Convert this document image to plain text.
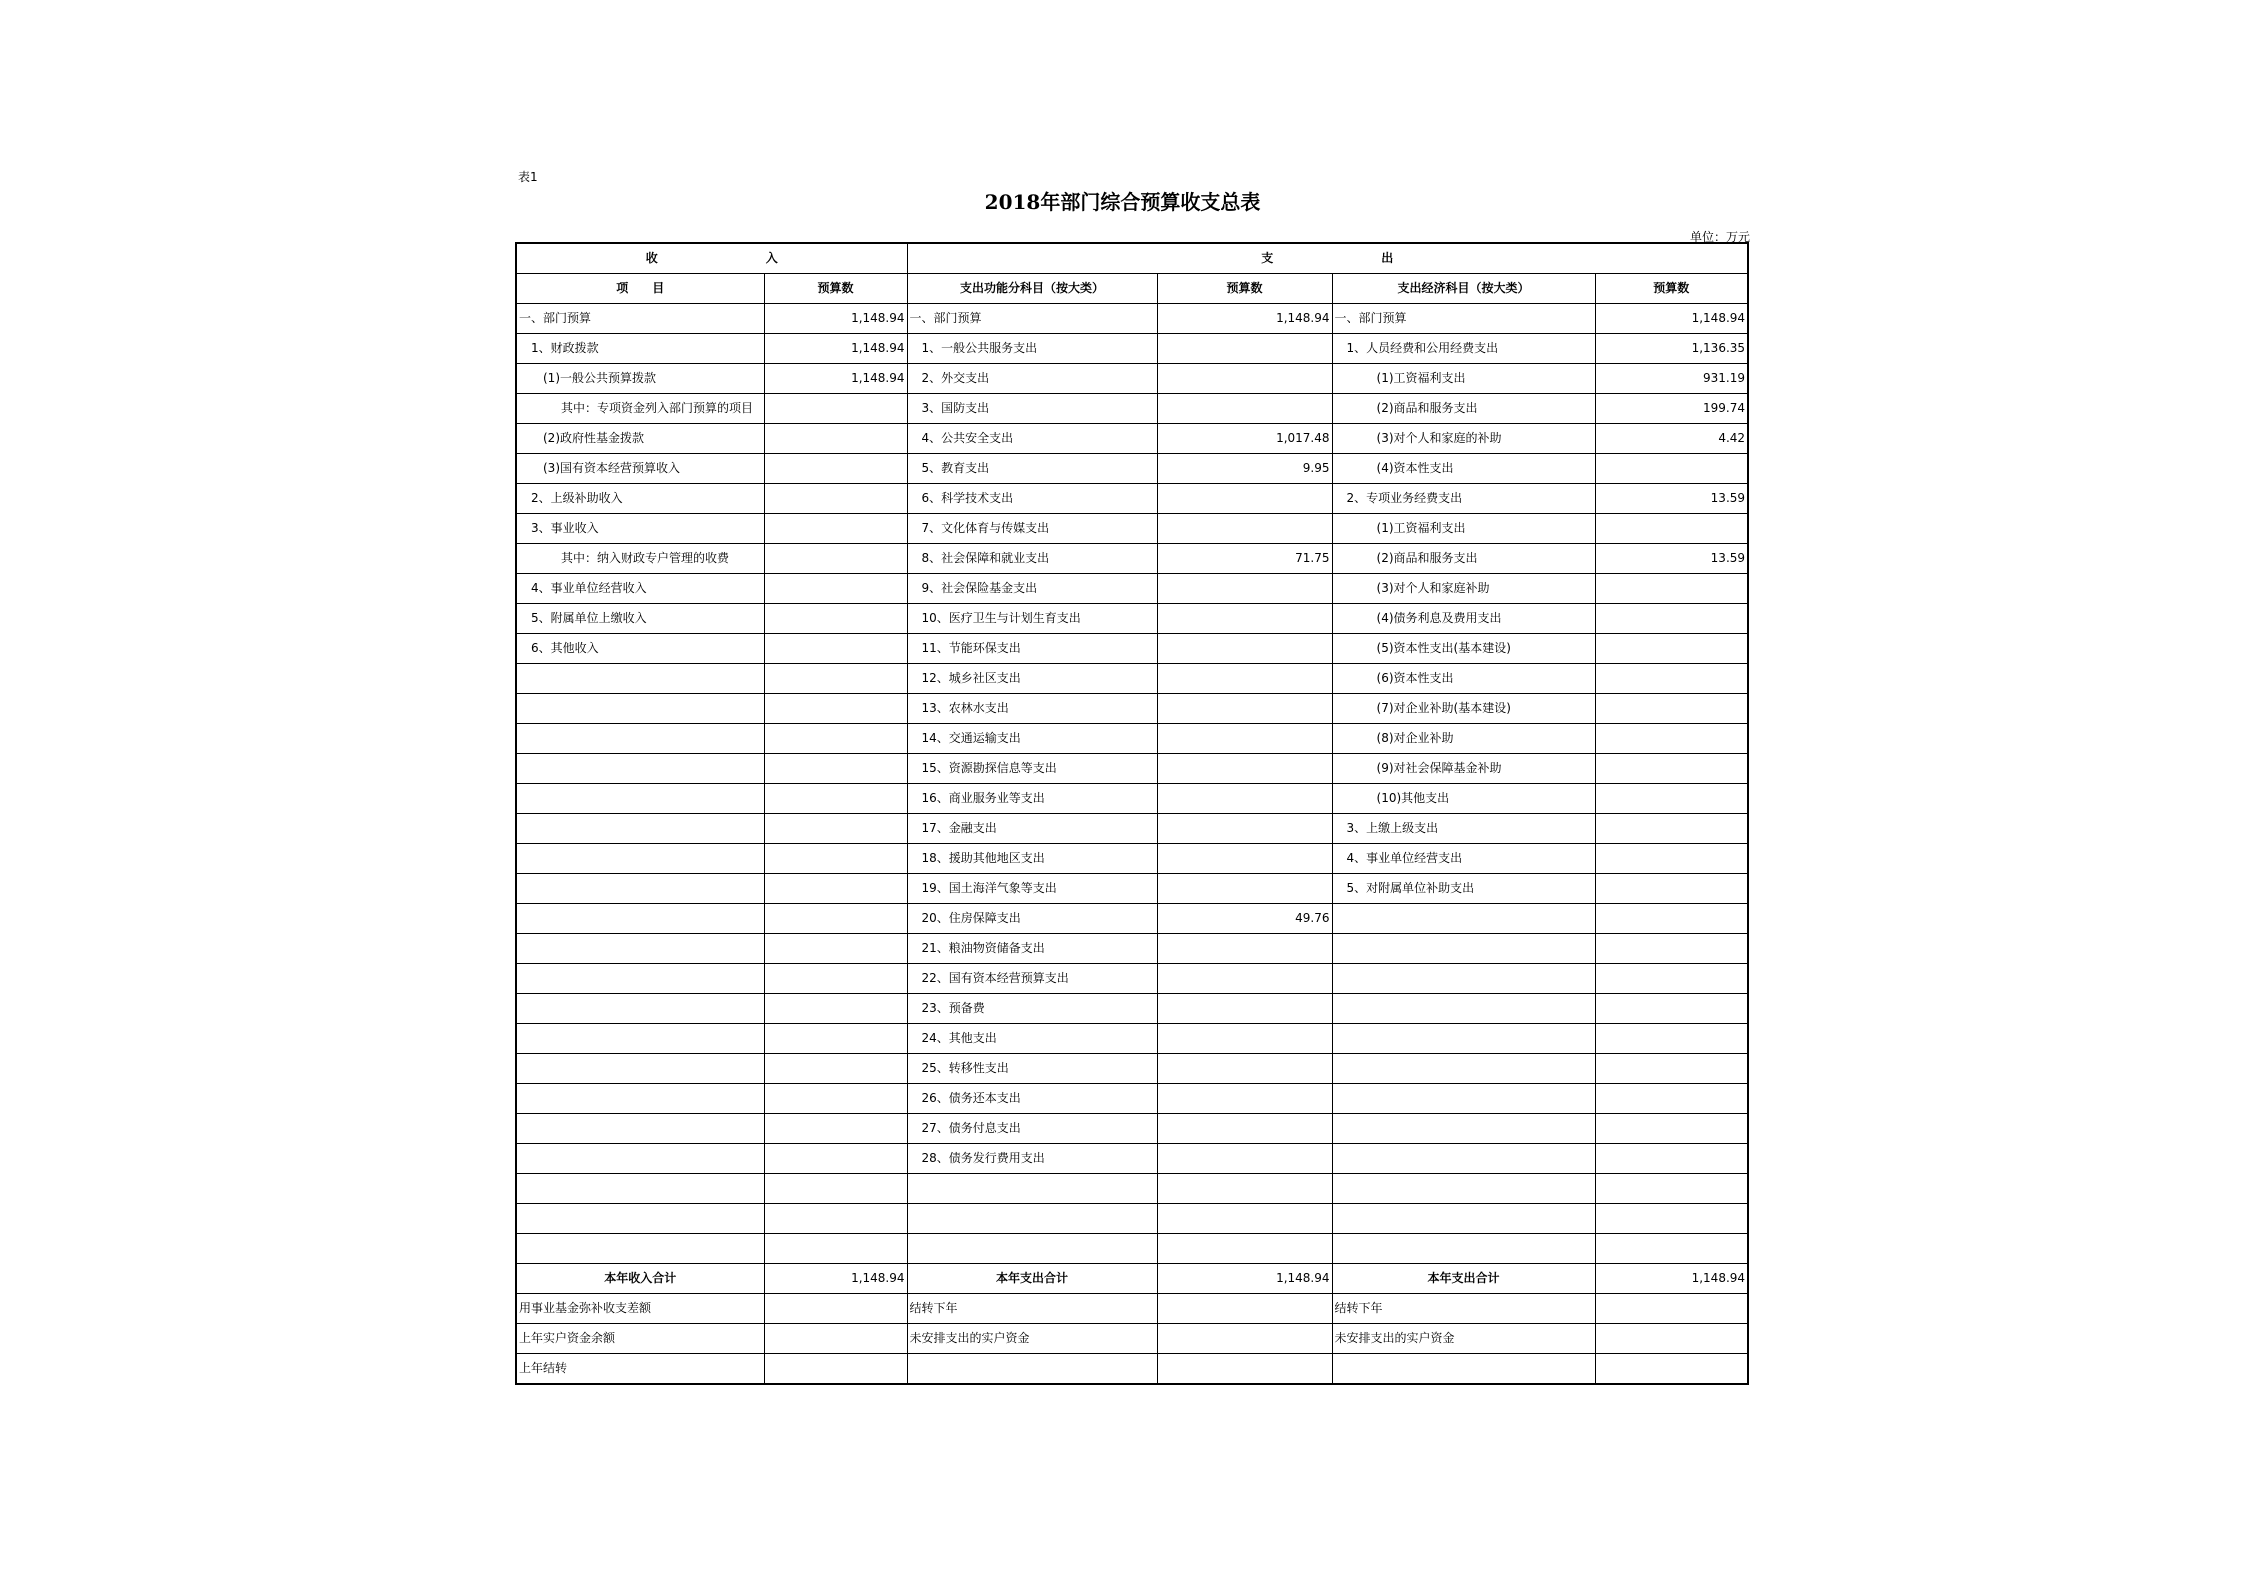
表1
2018年部门综合预算收支总表
单位：万元
收　　　　　　　　　入		支　　　　　　　　　出			
项　　目	预算数	支出功能分科目（按大类）	预算数	支出经济科目（按大类）	预算数
一、部门预算	1,148.94	一、部门预算	1,148.94	一、部门预算	1,148.94
1、财政拨款	1,148.94	1、一般公共服务支出		1、人员经费和公用经费支出	1,136.35
(1)一般公共预算拨款	1,148.94	2、外交支出		(1)工资福利支出	931.19
其中：专项资金列入部门预算的项目		3、国防支出		(2)商品和服务支出	199.74
(2)政府性基金拨款		4、公共安全支出	1,017.48	(3)对个人和家庭的补助	4.42
(3)国有资本经营预算收入		5、教育支出	9.95	(4)资本性支出	
2、上级补助收入		6、科学技术支出		2、专项业务经费支出	13.59
3、事业收入		7、文化体育与传媒支出		(1)工资福利支出	
其中：纳入财政专户管理的收费		8、社会保障和就业支出	71.75	(2)商品和服务支出	13.59
4、事业单位经营收入		9、社会保险基金支出		(3)对个人和家庭补助	
5、附属单位上缴收入		10、医疗卫生与计划生育支出		(4)债务利息及费用支出	
6、其他收入		11、节能环保支出		(5)资本性支出(基本建设)	
		12、城乡社区支出		(6)资本性支出	
		13、农林水支出		(7)对企业补助(基本建设)	
		14、交通运输支出		(8)对企业补助	
		15、资源勘探信息等支出		(9)对社会保障基金补助	
		16、商业服务业等支出		(10)其他支出	
		17、金融支出		3、上缴上级支出	
		18、援助其他地区支出		4、事业单位经营支出	
		19、国土海洋气象等支出		5、对附属单位补助支出	
		20、住房保障支出	49.76		
		21、粮油物资储备支出			
		22、国有资本经营预算支出			
		23、预备费			
		24、其他支出			
		25、转移性支出			
		26、债务还本支出			
		27、债务付息支出			
		28、债务发行费用支出			

本年收入合计	1,148.94	本年支出合计	1,148.94	本年支出合计	1,148.94
用事业基金弥补收支差额		结转下年		结转下年	
上年实户资金余额		未安排支出的实户资金		未安排支出的实户资金	
上年结转					
